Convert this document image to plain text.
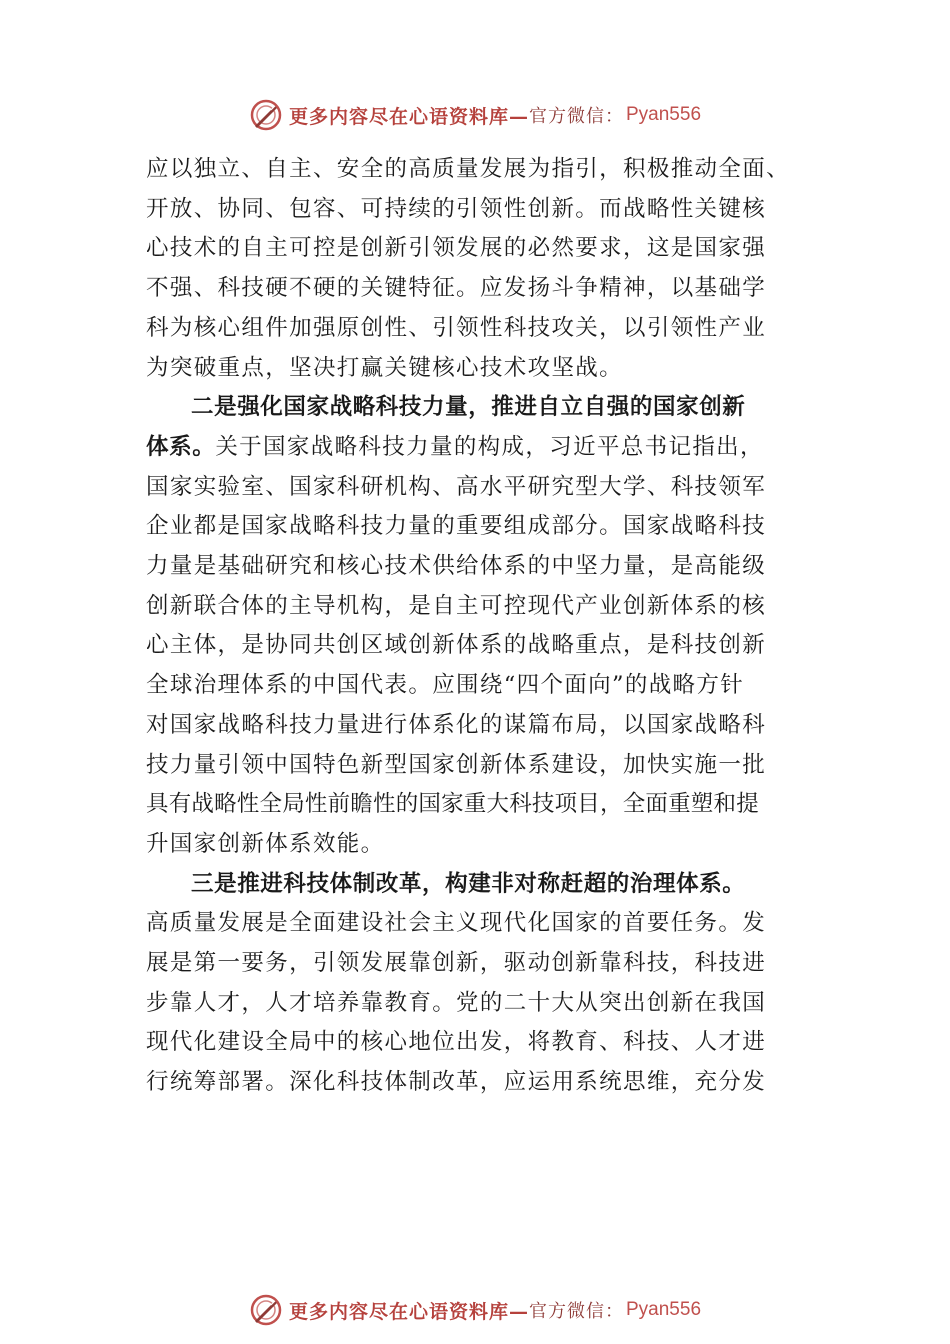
更多内容尽在心语资料库— 官方微信： Pyan556
应以独立、自主、安全的高质量发展为指引，积极推动全面、
开放、协同、包容、可持续的引领性创新。而战略性关键核
心技术的自主可控是创新引领发展的必然要求，这是国家强
不强、科技硬不硬的关键特征。应发扬斗争精神，以基础学
科为核心组件加强原创性、引领性科技攻关，以引领性产业
为突破重点，坚决打赢关键核心技术攻坚战。
二是强化国家战略科技力量，推进自立自强的国家创新
体系。关于国家战略科技力量的构成，习近平总书记指出，
国家实验室、国家科研机构、高水平研究型大学、科技领军
企业都是国家战略科技力量的重要组成部分。国家战略科技
力量是基础研究和核心技术供给体系的中坚力量，是高能级
创新联合体的主导机构，是自主可控现代产业创新体系的核
心主体，是协同共创区域创新体系的战略重点，是科技创新
全球治理体系的中国代表。应围绕“四个面向”的战略方针
对国家战略科技力量进行体系化的谋篇布局，以国家战略科
技力量引领中国特色新型国家创新体系建设，加快实施一批
具有战略性全局性前瞻性的国家重大科技项目，全面重塑和提
升国家创新体系效能。
三是推进科技体制改革，构建非对称赶超的治理体系。
高质量发展是全面建设社会主义现代化国家的首要任务。发
展是第一要务，引领发展靠创新，驱动创新靠科技，科技进
步靠人才，人才培养靠教育。党的二十大从突出创新在我国
现代化建设全局中的核心地位出发，将教育、科技、人才进
行统筹部署。深化科技体制改革，应运用系统思维，充分发
更多内容尽在心语资料库— 官方微信： Pyan556
